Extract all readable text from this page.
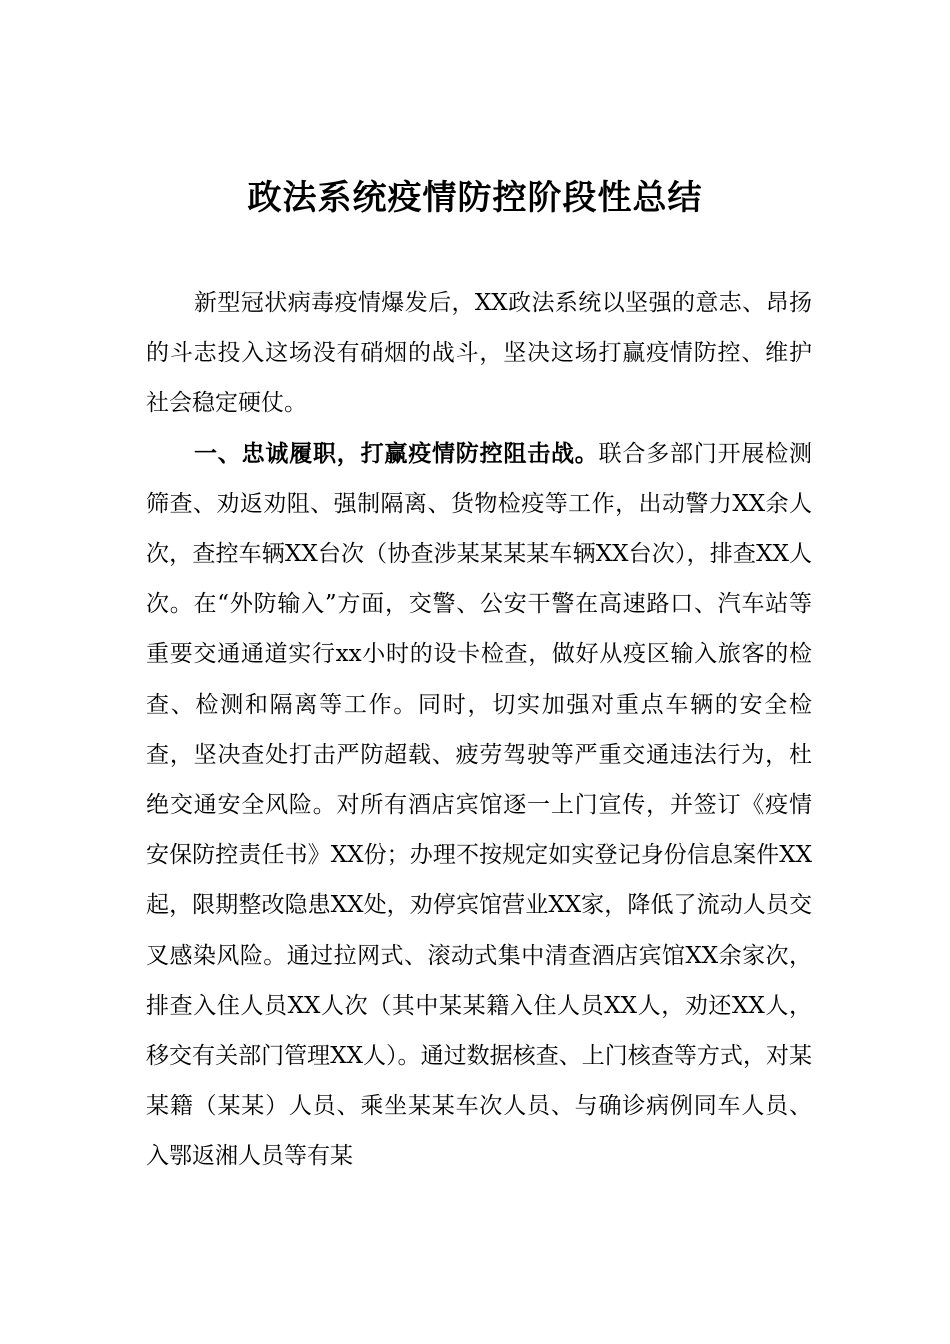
政法系统疫情防控阶段性总结

新型冠状病毒疫情爆发后，XX政法系统以坚强的意志、昂扬的斗志投入这场没有硝烟的战斗，坚决这场打赢疫情防控、维护社会稳定硬仗。

一、忠诚履职，打赢疫情防控阻击战。联合多部门开展检测筛查、劝返劝阻、强制隔离、货物检疫等工作，出动警力XX余人次，查控车辆XX台次（协查涉某某某某车辆XX台次），排查XX人次。在“外防输入”方面，交警、公安干警在高速路口、汽车站等重要交通通道实行xx小时的设卡检查，做好从疫区输入旅客的检查、检测和隔离等工作。同时，切实加强对重点车辆的安全检查，坚决查处打击严防超载、疲劳驾驶等严重交通违法行为，杜绝交通安全风险。对所有酒店宾馆逐一上门宣传，并签订《疫情安保防控责任书》XX份；办理不按规定如实登记身份信息案件XX起，限期整改隐患XX处，劝停宾馆营业XX家，降低了流动人员交叉感染风险。通过拉网式、滚动式集中清查酒店宾馆XX余家次，排查入住人员XX人次（其中某某籍入住人员XX人，劝还XX人，移交有关部门管理XX人）。通过数据核查、上门核查等方式，对某某籍（某某）人员、乘坐某某车次人员、与确诊病例同车人员、入鄂返湘人员等有某
